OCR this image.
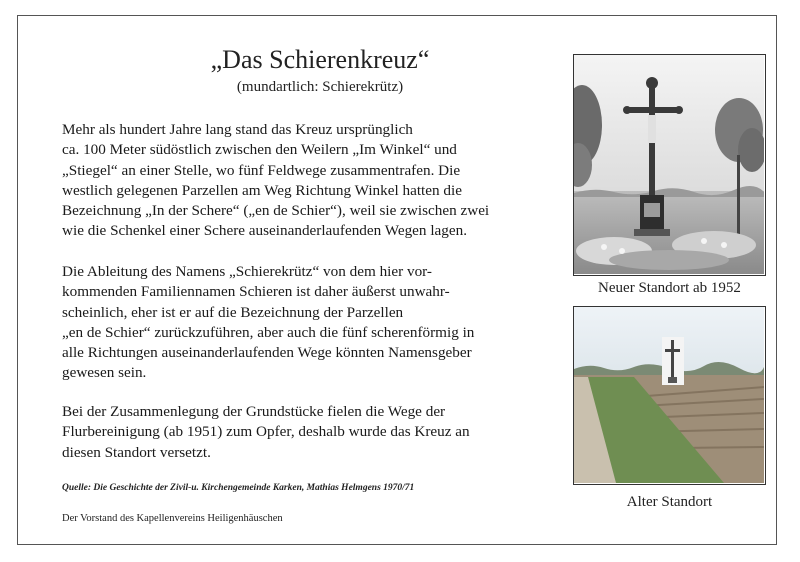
„Das Schierenkreuz“
(mundartlich: Schierekrütz)

Mehr als hundert Jahre lang stand das Kreuz ursprünglich
ca. 100 Meter südöstlich zwischen den Weilern „Im Winkel“ und
„Stiegel“ an einer Stelle, wo fünf Feldwege zusammentrafen. Die
westlich gelegenen Parzellen am Weg Richtung Winkel hatten die
Bezeichnung „In der Schere“ („en de Schier“), weil sie zwischen zwei
wie die Schenkel einer Schere auseinanderlaufenden Wegen lagen.

Die Ableitung des Namens „Schierekrütz“ von dem hier vor-
kommenden Familiennamen Schieren ist daher äußerst unwahr-
scheinlich, eher ist er auf die Bezeichnung der Parzellen
„en de Schier“ zurückzuführen, aber auch die fünf scherenförmig in
alle Richtungen auseinanderlaufenden Wege könnten Namensgeber
gewesen sein.

Bei der Zusammenlegung der Grundstücke fielen die Wege der
Flurbereinigung (ab 1951) zum Opfer, deshalb wurde das Kreuz an
diesen Standort versetzt.

Quelle: Die Geschichte der Zivil-u. Kirchengemeinde Karken, Mathias Helmgens 1970/71
Der Vorstand des Kapellenvereins Heiligenhäuschen
Neuer Standort ab 1952
Alter Standort
